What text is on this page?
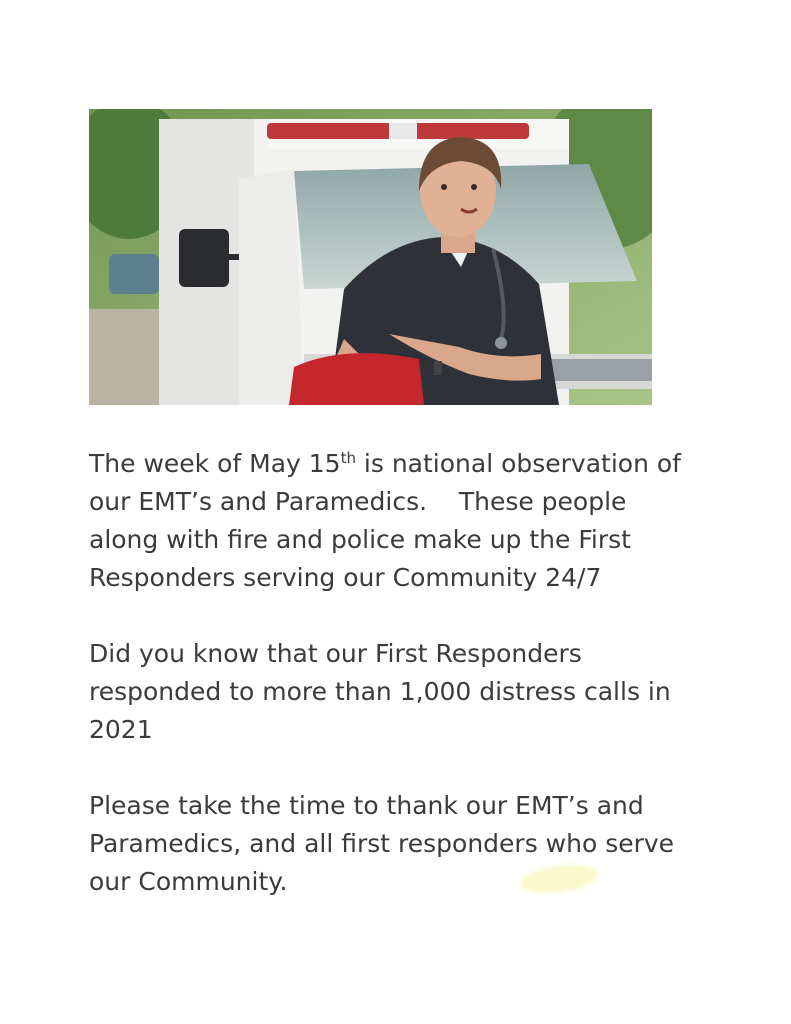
The week of May 15th is national observation of
our EMT’s and Paramedics.    These people
along with fire and police make up the First
Responders serving our Community 24/7

Did you know that our First Responders
responded to more than 1,000 distress calls in
2021

Please take the time to thank our EMT’s and
Paramedics, and all first responders who serve
our Community.
